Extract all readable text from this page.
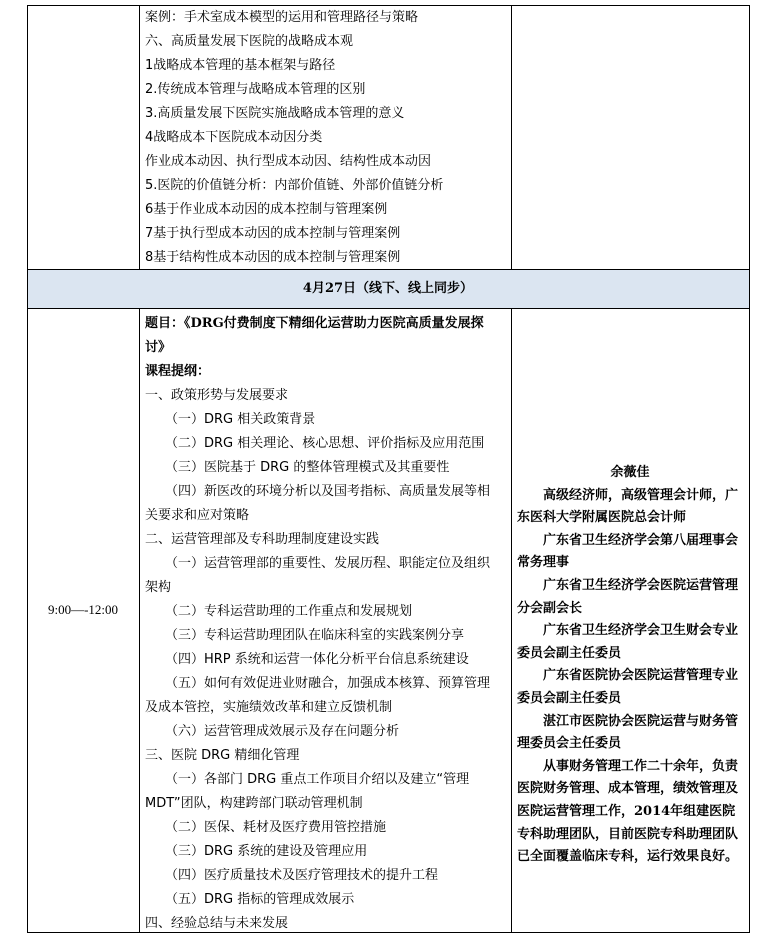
案例：手术室成本模型的运用和管理路径与策略
六、高质量发展下医院的战略成本观
1战略成本管理的基本框架与路径
2.传统成本管理与战略成本管理的区别
3.高质量发展下医院实施战略成本管理的意义
4战略成本下医院成本动因分类
作业成本动因、执行型成本动因、结构性成本动因
5.医院的价值链分析：内部价值链、外部价值链分析
6基于作业成本动因的成本控制与管理案例
7基于执行型成本动因的成本控制与管理案例
8基于结构性成本动因的成本控制与管理案例
4月27日（线下、线上同步）
9:00—-12:00
题目：《DRG付费制度下精细化运营助力医院高质量发展探
讨》
课程提纲：
一、政策形势与发展要求
（一）DRG 相关政策背景
（二）DRG 相关理论、核心思想、评价指标及应用范围
（三）医院基于 DRG 的整体管理模式及其重要性
（四）新医改的环境分析以及国考指标、高质量发展等相
关要求和应对策略
二、运营管理部及专科助理制度建设实践
（一）运营管理部的重要性、发展历程、职能定位及组织
架构
（二）专科运营助理的工作重点和发展规划
（三）专科运营助理团队在临床科室的实践案例分享
（四）HRP 系统和运营一体化分析平台信息系统建设
（五）如何有效促进业财融合，加强成本核算、预算管理
及成本管控，实施绩效改革和建立反馈机制
（六）运营管理成效展示及存在问题分析
三、医院 DRG 精细化管理
（一）各部门 DRG 重点工作项目介绍以及建立“管理
MDT”团队，构建跨部门联动管理机制
（二）医保、耗材及医疗费用管控措施
（三）DRG 系统的建设及管理应用
（四）医疗质量技术及医疗管理技术的提升工程
（五）DRG 指标的管理成效展示
四、经验总结与未来发展
余薇佳
高级经济师，高级管理会计师，广东医科大学附属医院总会计师
广东省卫生经济学会第八届理事会常务理事
广东省卫生经济学会医院运营管理分会副会长
广东省卫生经济学会卫生财会专业委员会副主任委员
广东省医院协会医院运营管理专业委员会副主任委员
湛江市医院协会医院运营与财务管理委员会主任委员
从事财务管理工作二十余年，负责医院财务管理、成本管理，绩效管理及医院运营管理工作，2014年组建医院专科助理团队，目前医院专科助理团队已全面覆盖临床专科，运行效果良好。
